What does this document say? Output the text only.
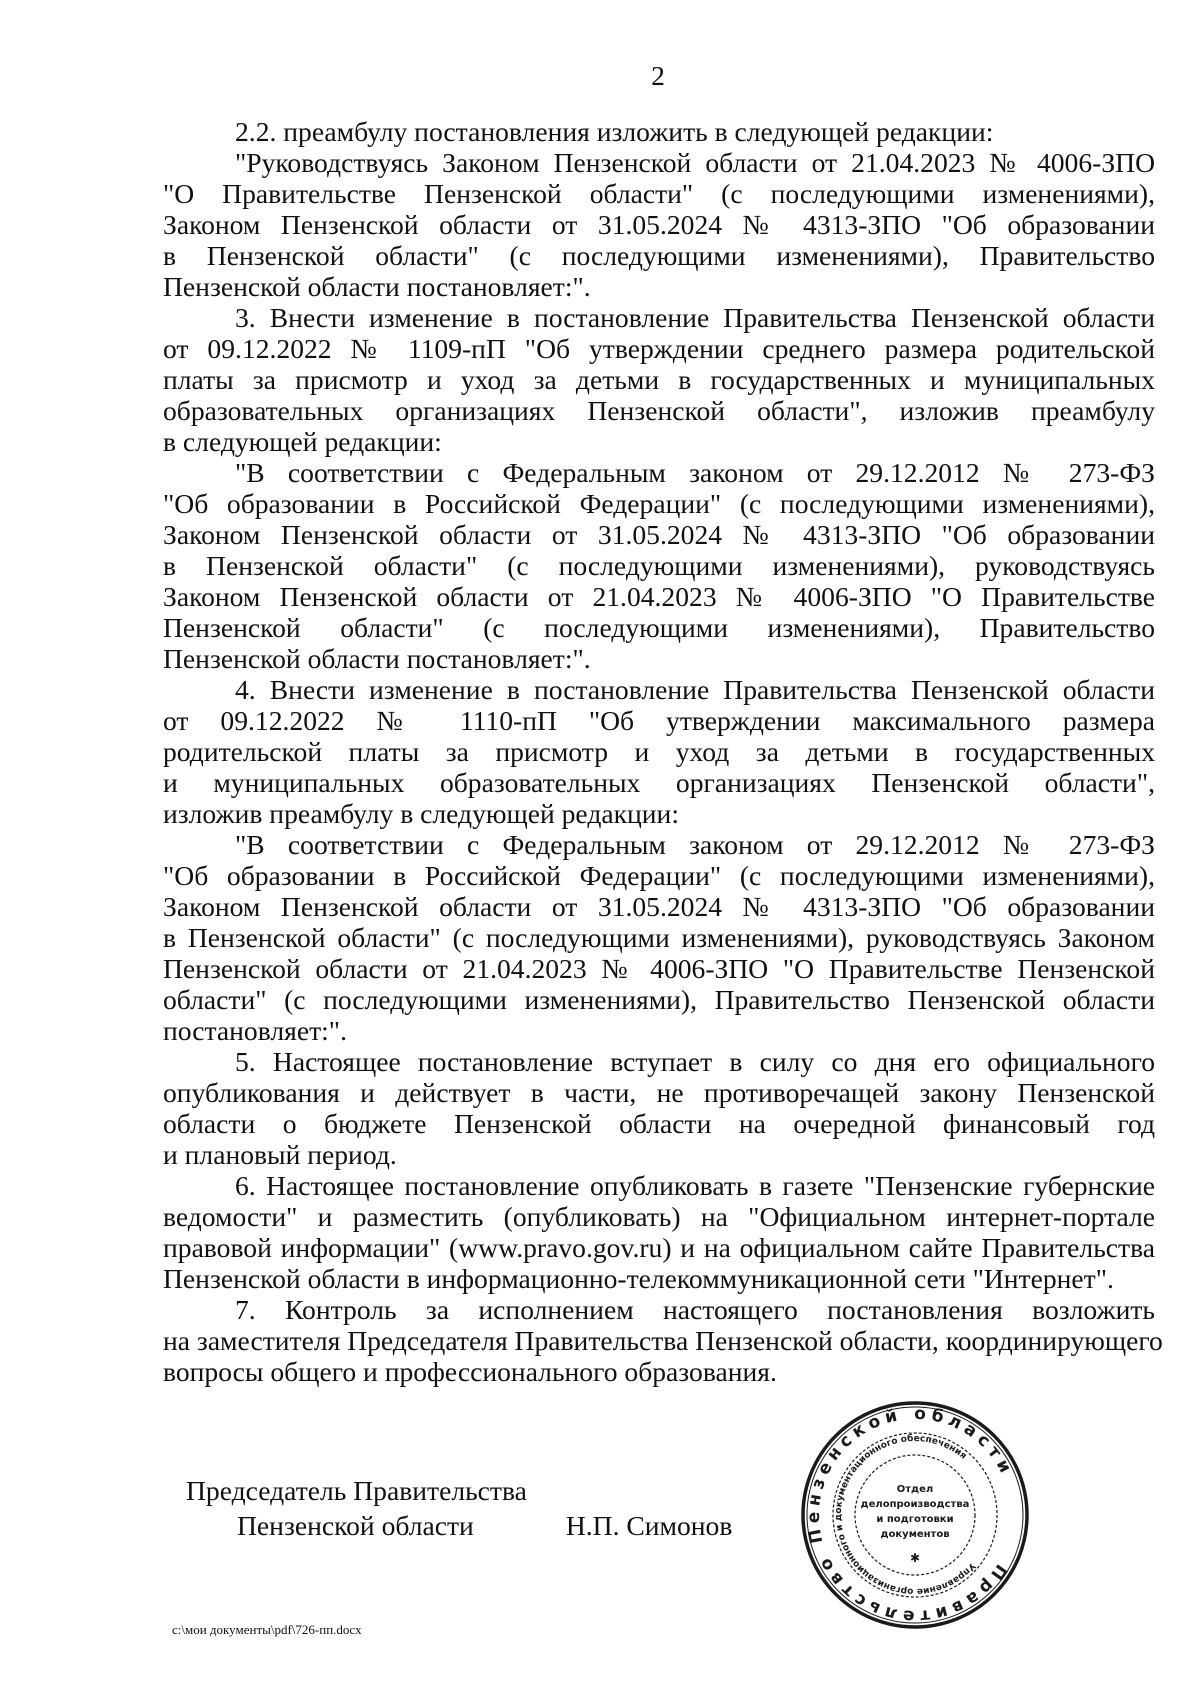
2
2.2. преамбулу постановления изложить в следующей редакции:
"Руководствуясь Законом Пензенской области от 21.04.2023 № 4006-ЗПО
"О Правительстве Пензенской области" (с последующими изменениями),
Законом Пензенской области от 31.05.2024 № 4313-ЗПО "Об образовании
в Пензенской области" (с последующими изменениями), Правительство
Пензенской области постановляет:".
3. Внести изменение в постановление Правительства Пензенской области
от 09.12.2022 № 1109-пП "Об утверждении среднего размера родительской
платы за присмотр и уход за детьми в государственных и муниципальных
образовательных организациях Пензенской области", изложив преамбулу
в следующей редакции:
"В соответствии с Федеральным законом от 29.12.2012 № 273-ФЗ
"Об образовании в Российской Федерации" (с последующими изменениями),
Законом Пензенской области от 31.05.2024 № 4313-ЗПО "Об образовании
в Пензенской области" (с последующими изменениями), руководствуясь
Законом Пензенской области от 21.04.2023 № 4006-ЗПО "О Правительстве
Пензенской области" (с последующими изменениями), Правительство
Пензенской области постановляет:".
4. Внести изменение в постановление Правительства Пензенской области
от 09.12.2022 № 1110-пП "Об утверждении максимального размера
родительской платы за присмотр и уход за детьми в государственных
и муниципальных образовательных организациях Пензенской области",
изложив преамбулу в следующей редакции:
"В соответствии с Федеральным законом от 29.12.2012 № 273-ФЗ
"Об образовании в Российской Федерации" (с последующими изменениями),
Законом Пензенской области от 31.05.2024 № 4313-ЗПО "Об образовании
в Пензенской области" (с последующими изменениями), руководствуясь Законом
Пензенской области от 21.04.2023 № 4006-ЗПО "О Правительстве Пензенской
области" (с последующими изменениями), Правительство Пензенской области
постановляет:".
5. Настоящее постановление вступает в силу со дня его официального
опубликования и действует в части, не противоречащей закону Пензенской
области о бюджете Пензенской области на очередной финансовый год
и плановый период.
6. Настоящее постановление опубликовать в газете "Пензенские губернские
ведомости" и разместить (опубликовать) на "Официальном интернет-портале
правовой информации" (www.pravo.gov.ru) и на официальном сайте Правительства
Пензенской области в информационно-телекоммуникационной сети "Интернет".
7. Контроль за исполнением настоящего постановления возложить
на заместителя Председателя Правительства Пензенской области, координирующего
вопросы общего и профессионального образования.
Председатель Правительства
Пензенской области	Н.П. Симонов
Правительство Пензенской области
Управление организационного и документационного обеспечения
✱
Отдел
делопроизводства
и подготовки
документов
c:\мои документы\pdf\726-пп.docx
